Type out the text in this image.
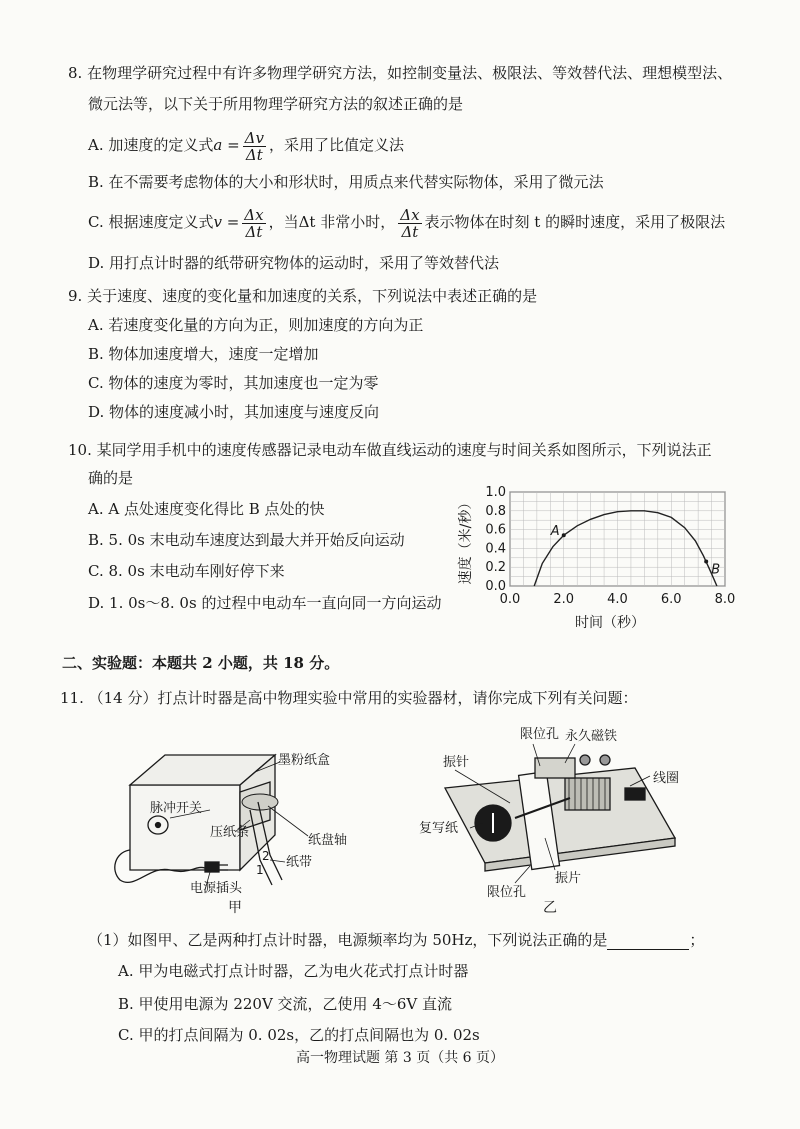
8. 在物理学研究过程中有许多物理学研究方法，如控制变量法、极限法、等效替代法、理想模型法、
微元法等，以下关于所用物理学研究方法的叙述正确的是
A. 加速度的定义式$a = \frac{\Delta v}{\Delta t}$ ，采用了比值定义法
B. 在不需要考虑物体的大小和形状时，用质点来代替实际物体，采用了微元法
C. 根据速度定义式$v = \frac{\Delta x}{\Delta t}$ ，当Δt 非常小时， $\frac{\Delta x}{\Delta t}$ 表示物体在时刻 t 的瞬时速度，采用了极限法
D. 用打点计时器的纸带研究物体的运动时，采用了等效替代法
9. 关于速度、速度的变化量和加速度的关系，下列说法中表述正确的是
A. 若速度变化量的方向为正，则加速度的方向为正
B. 物体加速度增大，速度一定增加
C. 物体的速度为零时，其加速度也一定为零
D. 物体的速度减小时，其加速度与速度反向
10. 某同学用手机中的速度传感器记录电动车做直线运动的速度与时间关系如图所示，下列说法正
确的是
A. A 点处速度变化得比 B 点处的快
B. 5. 0s 末电动车速度达到最大并开始反向运动
C. 8. 0s 末电动车刚好停下来
D. 1. 0s～8. 0s 的过程中电动车一直向同一方向运动	0.0	2.0	4.0	6.0	8.0
0.0
0.2
0.4
0.6
0.8
1.0
A
B
时间（秒）
速度（米/秒）
二、实验题：本题共 2 小题，共 18 分。
11. （14 分）打点计时器是高中物理实验中常用的实验器材，请你完成下列有关问题：
墨粉纸盒
脉冲开关
压纸条
纸盘轴
纸带
电源插头
2
1
甲
限位孔
振针
永久磁铁
线圈
复写纸
限位孔
振片
乙
（1）如图甲、乙是两种打点计时器，电源频率均为 50Hz，下列说法正确的是	；
A. 甲为电磁式打点计时器，乙为电火花式打点计时器
B. 甲使用电源为 220V 交流，乙使用 4～6V 直流
C. 甲的打点间隔为 0. 02s，乙的打点间隔也为 0. 02s
高一物理试题 第 3 页（共 6 页）
